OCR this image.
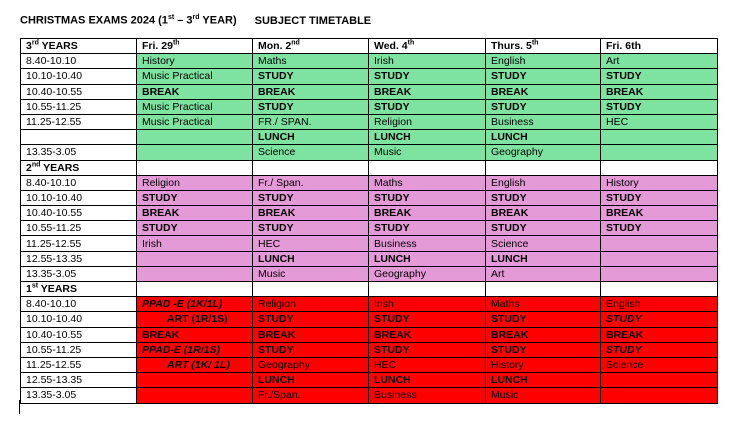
CHRISTMAS EXAMS 2024 (1st – 3rd YEAR) SUBJECT TIMETABLE
3rd YEARS	Fri. 29th	Mon. 2nd	Wed. 4th	Thurs. 5th	Fri. 6th
8.40-10.10	History	Maths	Irish	English	Art
10.10-10.40	Music Practical	STUDY	STUDY	STUDY	STUDY
10.40-10.55	BREAK	BREAK	BREAK	BREAK	BREAK
10.55-11.25	Music Practical	STUDY	STUDY	STUDY	STUDY
11.25-12.55	Music Practical	FR./ SPAN.	Religion	Business	HEC
		LUNCH	LUNCH	LUNCH	
13.35-3.05		Science	Music	Geography	
2nd YEARS					
8.40-10.10	Religion	Fr./ Span.	Maths	English	History
10.10-10.40	STUDY	STUDY	STUDY	STUDY	STUDY
10.40-10.55	BREAK	BREAK	BREAK	BREAK	BREAK
10.55-11.25	STUDY	STUDY	STUDY	STUDY	STUDY
11.25-12.55	Irish	HEC	Business	Science	
12.55-13.35		LUNCH	LUNCH	LUNCH	
13.35-3.05		Music	Geography	Art	
1st YEARS					
8.40-10.10	PPAD -E (1K/1L)	Religion	Irish	Maths	English
10.10-10.40	ART (1R/1S)	STUDY	STUDY	STUDY	STUDY
10.40-10.55	BREAK	BREAK	BREAK	BREAK	BREAK
10.55-11.25	PPAD-E (1R/1S)	STUDY	STUDY	STUDY	STUDY
11.25-12.55	ART (1K/ 1L)	Geography	HEC	History	Science
12.55-13.35		LUNCH	LUNCH	LUNCH	
13.35-3.05		Fr./Span.	Business	Music	
